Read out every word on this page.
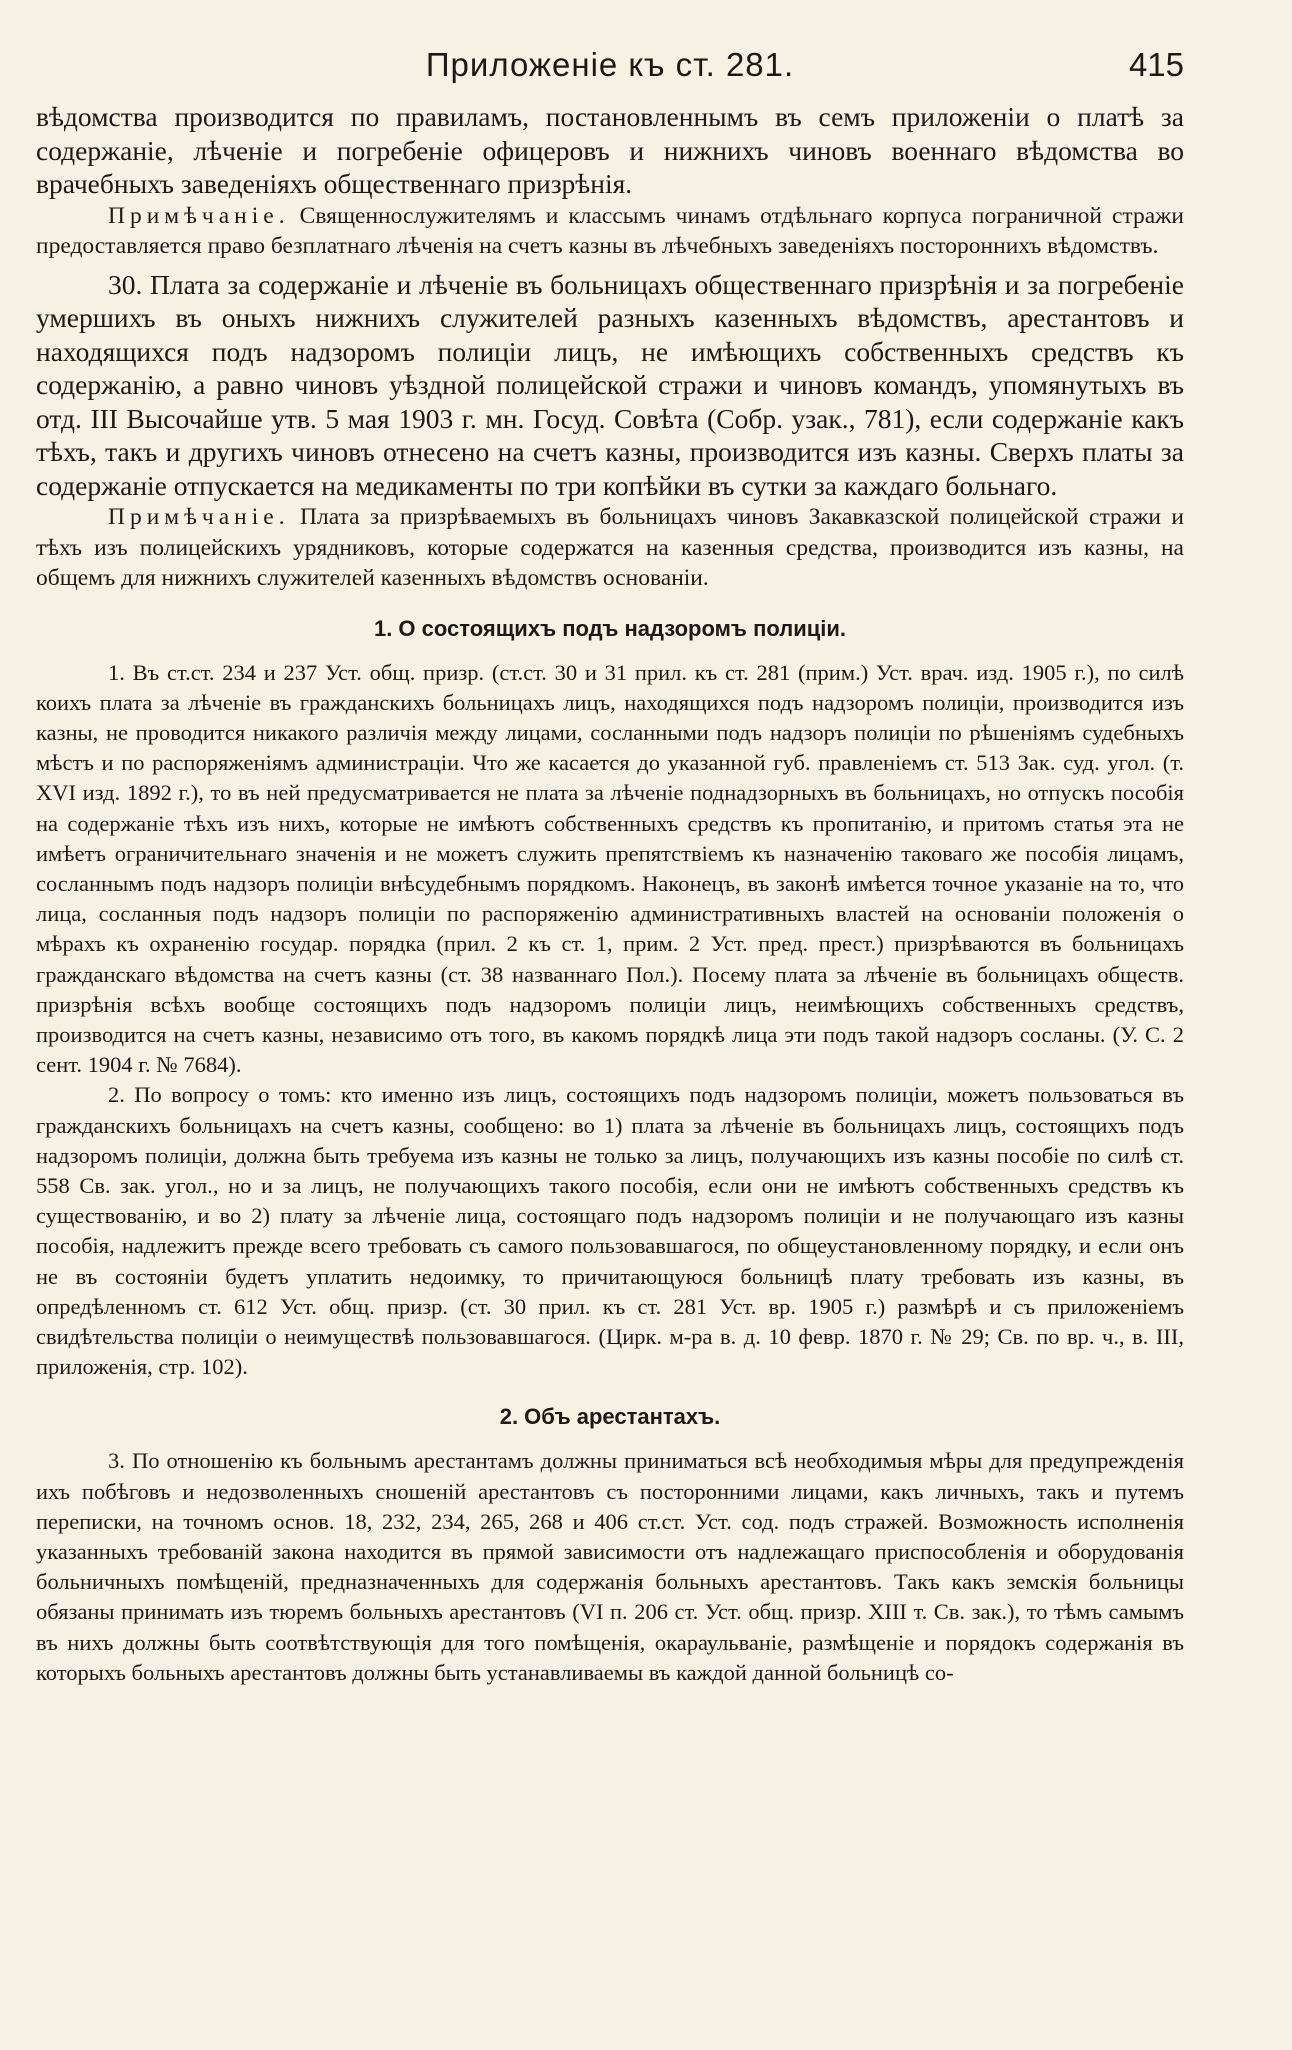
Приложенiе къ ст. 281.	415

вѣдомства производится по правиламъ, постановленнымъ въ семъ приложенiи о платѣ за содержанiе, лѣченiе и погребенiе офицеровъ и нижнихъ чиновъ военнаго вѣдомства во врачебныхъ заведенiяхъ общественнаго призрѣнiя.

Примѣчанiе. Священнослужителямъ и классымъ чинамъ отдѣльнаго корпуса пограничной стражи предоставляется право безплатнаго лѣченiя на счетъ казны въ лѣчебныхъ заведенiяхъ постороннихъ вѣдомствъ.

30. Плата за содержанiе и лѣченiе въ больницахъ общественнаго призрѣнiя и за погребенiе умершихъ въ оныхъ нижнихъ служителей разныхъ казенныхъ вѣдомствъ, арестантовъ и находящихся подъ надзоромъ полицiи лицъ, не имѣющихъ собственныхъ средствъ къ содержанiю, а равно чиновъ уѣздной полицейской стражи и чиновъ командъ, упомянутыхъ въ отд. III Высочайше утв. 5 мая 1903 г. мн. Госуд. Совѣта (Собр. узак., 781), если содержанiе какъ тѣхъ, такъ и другихъ чиновъ отнесено на счетъ казны, производится изъ казны. Сверхъ платы за содержанiе отпускается на медикаменты по три копѣйки въ сутки за каждаго больнаго.

Примѣчанiе. Плата за призрѣваемыхъ въ больницахъ чиновъ Закавказской полицейской стражи и тѣхъ изъ полицейскихъ урядниковъ, которые содержатся на казенныя средства, производится изъ казны, на общемъ для нижнихъ служителей казенныхъ вѣдомствъ основанiи.

1. О состоящихъ подъ надзоромъ полицiи.

1. Въ ст.ст. 234 и 237 Уст. общ. призр. (ст.ст. 30 и 31 прил. къ ст. 281 (прим.) Уст. врач. изд. 1905 г.), по силѣ коихъ плата за лѣченiе въ гражданскихъ больницахъ лицъ, находящихся подъ надзоромъ полицiи, производится изъ казны, не проводится никакого различiя между лицами, сосланными подъ надзоръ полицiи по рѣшенiямъ судебныхъ мѣстъ и по распоряженiямъ администрацiи. Что же касается до указанной губ. правленiемъ ст. 513 Зак. суд. угол. (т. XVI изд. 1892 г.), то въ ней предусматривается не плата за лѣченiе поднадзорныхъ въ больницахъ, но отпускъ пособiя на содержанiе тѣхъ изъ нихъ, которые не имѣютъ собственныхъ средствъ къ пропитанiю, и притомъ статья эта не имѣетъ ограничительнаго значенiя и не можетъ служить препятствiемъ къ назначенiю таковаго же пособiя лицамъ, сосланнымъ подъ надзоръ полицiи внѣсудебнымъ порядкомъ. Наконецъ, въ законѣ имѣется точное указанiе на то, что лица, сосланныя подъ надзоръ полицiи по распоряженiю административныхъ властей на основанiи положенiя о мѣрахъ къ охраненiю государ. порядка (прил. 2 къ ст. 1, прим. 2 Уст. пред. прест.) призрѣваются въ больницахъ гражданскаго вѣдомства на счетъ казны (ст. 38 названнаго Пол.). Посему плата за лѣченiе въ больницахъ обществ. призрѣнiя всѣхъ вообще состоящихъ подъ надзоромъ полицiи лицъ, неимѣющихъ собственныхъ средствъ, производится на счетъ казны, независимо отъ того, въ какомъ порядкѣ лица эти подъ такой надзоръ сосланы. (У. С. 2 сент. 1904 г. № 7684).

2. По вопросу о томъ: кто именно изъ лицъ, состоящихъ подъ надзоромъ полицiи, можетъ пользоваться въ гражданскихъ больницахъ на счетъ казны, сообщено: во 1) плата за лѣченiе въ больницахъ лицъ, состоящихъ подъ надзоромъ полицiи, должна быть требуема изъ казны не только за лицъ, получающихъ изъ казны пособiе по силѣ ст. 558 Св. зак. угол., но и за лицъ, не получающихъ такого пособiя, если они не имѣютъ собственныхъ средствъ къ существованiю, и во 2) плату за лѣченiе лица, состоящаго подъ надзоромъ полицiи и не получающаго изъ казны пособiя, надлежитъ прежде всего требовать съ самого пользовавшагося, по общеустановленному порядку, и если онъ не въ состоянiи будетъ уплатить недоимку, то причитающуюся больницѣ плату требовать изъ казны, въ опредѣленномъ ст. 612 Уст. общ. призр. (ст. 30 прил. къ ст. 281 Уст. вр. 1905 г.) размѣрѣ и съ приложенiемъ свидѣтельства полицiи о неимуществѣ пользовавшагося. (Цирк. м-ра в. д. 10 февр. 1870 г. № 29; Св. по вр. ч., в. III, приложенiя, стр. 102).

2. Объ арестантахъ.

3. По отношенiю къ больнымъ арестантамъ должны приниматься всѣ необходимыя мѣры для предупрежденiя ихъ побѣговъ и недозволенныхъ сношенiй арестантовъ съ посторонними лицами, какъ личныхъ, такъ и путемъ переписки, на точномъ основ. 18, 232, 234, 265, 268 и 406 ст.ст. Уст. сод. подъ стражей. Возможность исполненiя указанныхъ требованiй закона находится въ прямой зависимости отъ надлежащаго приспособленiя и оборудованiя больничныхъ помѣщенiй, предназначенныхъ для содержанiя больныхъ арестантовъ. Такъ какъ земскiя больницы обязаны принимать изъ тюремъ больныхъ арестантовъ (VI п. 206 ст. Уст. общ. призр. XIII т. Св. зак.), то тѣмъ самымъ въ нихъ должны быть соотвѣтствующiя для того помѣщенiя, окараульванiе, размѣщенiе и порядокъ содержанiя въ которыхъ больныхъ арестантовъ должны быть устанавливаемы въ каждой данной больницѣ со-
